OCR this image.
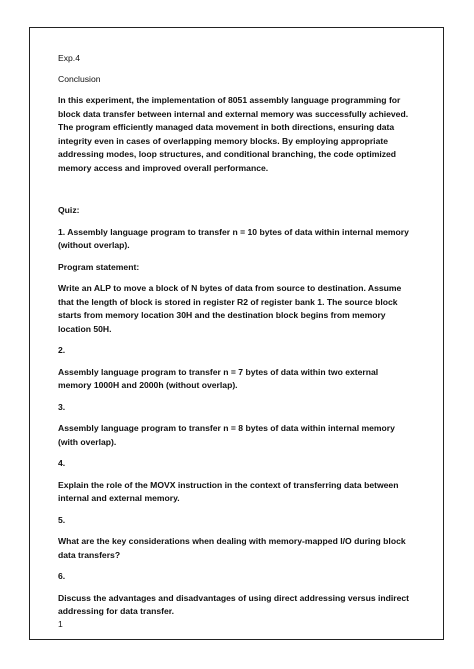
Exp.4

Conclusion

In this experiment, the implementation of 8051 assembly language programming for block data transfer between internal and external memory was successfully achieved. The program efficiently managed data movement in both directions, ensuring data integrity even in cases of overlapping memory blocks. By employing appropriate addressing modes, loop structures, and conditional branching, the code optimized memory access and improved overall performance.

Quiz:

1. Assembly language program to transfer n = 10 bytes of data within internal memory (without overlap).

Program statement:

Write an ALP to move a block of N bytes of data from source to destination. Assume that the length of block is stored in register R2 of register bank 1. The source block starts from memory location 30H and the destination block begins from memory location 50H.

2.

Assembly language program to transfer n = 7 bytes of data within two external memory 1000H and 2000h (without overlap).

3.

Assembly language program to transfer n = 8 bytes of data within internal memory (with overlap).

4.

Explain the role of the MOVX instruction in the context of transferring data between internal and external memory.

5.

What are the key considerations when dealing with memory-mapped I/O during block data transfers?

6.

Discuss the advantages and disadvantages of using direct addressing versus indirect addressing for data transfer.

1
